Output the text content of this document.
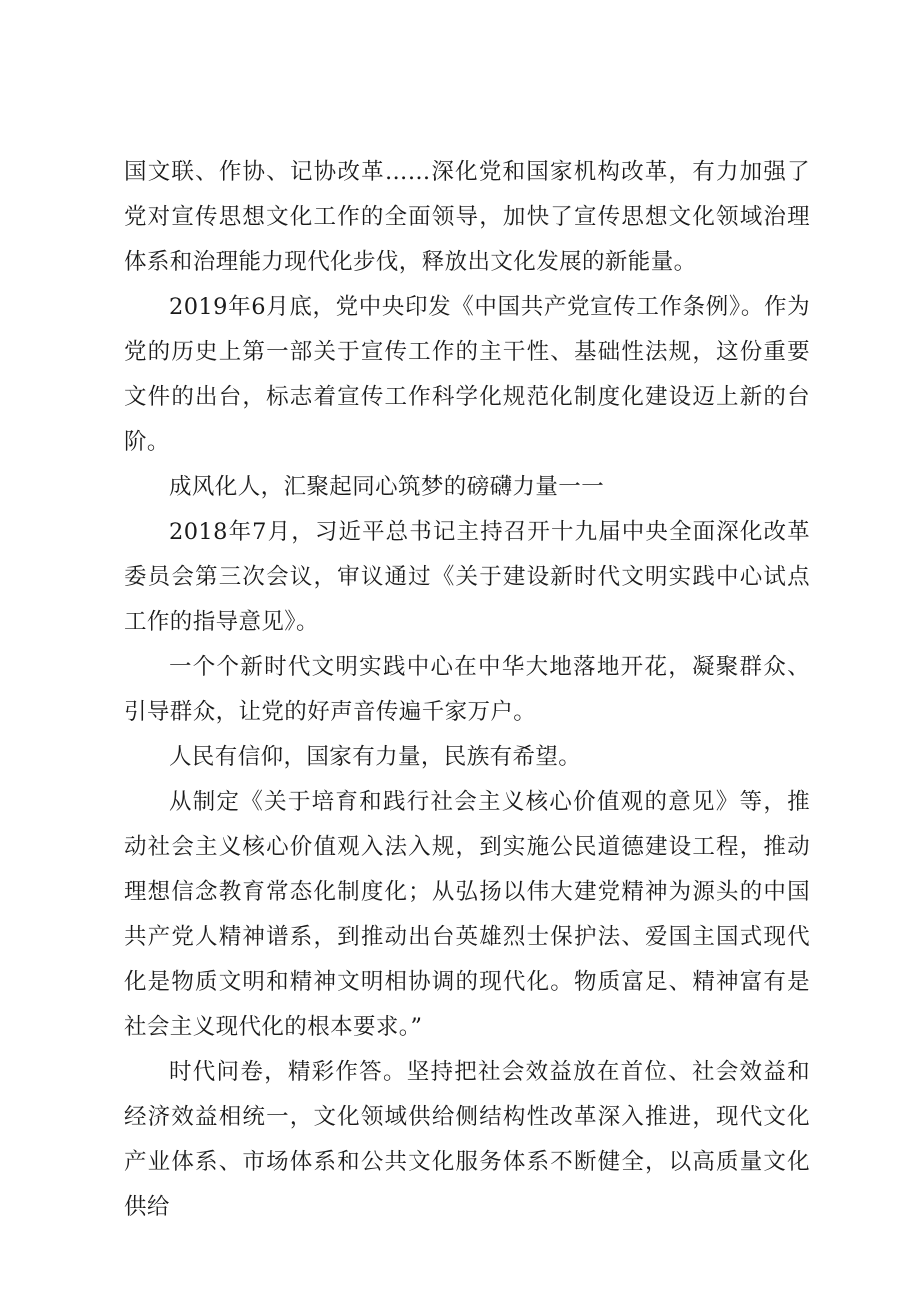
国文联、作协、记协改革……深化党和国家机构改革，有力加强了党对宣传思想文化工作的全面领导，加快了宣传思想文化领域治理体系和治理能力现代化步伐，释放出文化发展的新能量。

2019年6月底，党中央印发《中国共产党宣传工作条例》。作为党的历史上第一部关于宣传工作的主干性、基础性法规，这份重要文件的出台，标志着宣传工作科学化规范化制度化建设迈上新的台阶。

成风化人，汇聚起同心筑梦的磅礴力量一一

2018年7月，习近平总书记主持召开十九届中央全面深化改革委员会第三次会议，审议通过《关于建设新时代文明实践中心试点工作的指导意见》。

一个个新时代文明实践中心在中华大地落地开花，凝聚群众、引导群众，让党的好声音传遍千家万户。

人民有信仰，国家有力量，民族有希望。

从制定《关于培育和践行社会主义核心价值观的意见》等，推动社会主义核心价值观入法入规，到实施公民道德建设工程，推动理想信念教育常态化制度化；从弘扬以伟大建党精神为源头的中国共产党人精神谱系，到推动出台英雄烈士保护法、爱国主国式现代化是物质文明和精神文明相协调的现代化。物质富足、精神富有是社会主义现代化的根本要求。”

时代问卷，精彩作答。坚持把社会效益放在首位、社会效益和经济效益相统一，文化领域供给侧结构性改革深入推进，现代文化产业体系、市场体系和公共文化服务体系不断健全，以高质量文化供给
